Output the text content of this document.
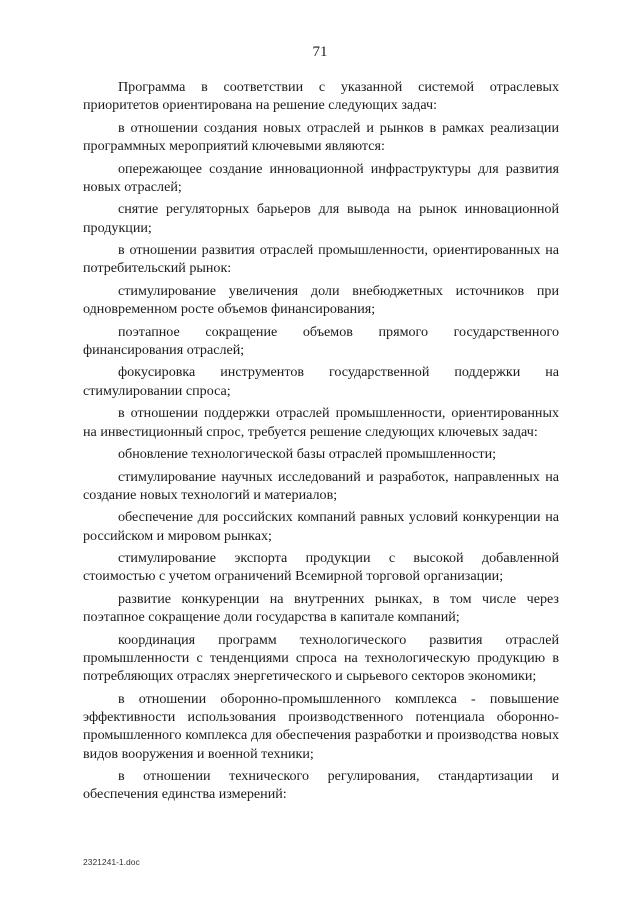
71

Программа в соответствии с указанной системой отраслевых приоритетов ориентирована на решение следующих задач:

в отношении создания новых отраслей и рынков в рамках реализации программных мероприятий ключевыми являются:

опережающее создание инновационной инфраструктуры для развития новых отраслей;

снятие регуляторных барьеров для вывода на рынок инновационной продукции;

в отношении развития отраслей промышленности, ориентированных на потребительский рынок:

стимулирование увеличения доли внебюджетных источников при одновременном росте объемов финансирования;

поэтапное сокращение объемов прямого государственного финансирования отраслей;

фокусировка инструментов государственной поддержки на стимулировании спроса;

в отношении поддержки отраслей промышленности, ориентированных на инвестиционный спрос, требуется решение следующих ключевых задач:

обновление технологической базы отраслей промышленности;

стимулирование научных исследований и разработок, направленных на создание новых технологий и материалов;

обеспечение для российских компаний равных условий конкуренции на российском и мировом рынках;

стимулирование экспорта продукции с высокой добавленной стоимостью с учетом ограничений Всемирной торговой организации;

развитие конкуренции на внутренних рынках, в том числе через поэтапное сокращение доли государства в капитале компаний;

координация программ технологического развития отраслей промышленности с тенденциями спроса на технологическую продукцию в потребляющих отраслях энергетического и сырьевого секторов экономики;

в отношении оборонно-промышленного комплекса - повышение эффективности использования производственного потенциала оборонно-промышленного комплекса для обеспечения разработки и производства новых видов вооружения и военной техники;

в отношении технического регулирования, стандартизации и обеспечения единства измерений:

2321241-1.doc
